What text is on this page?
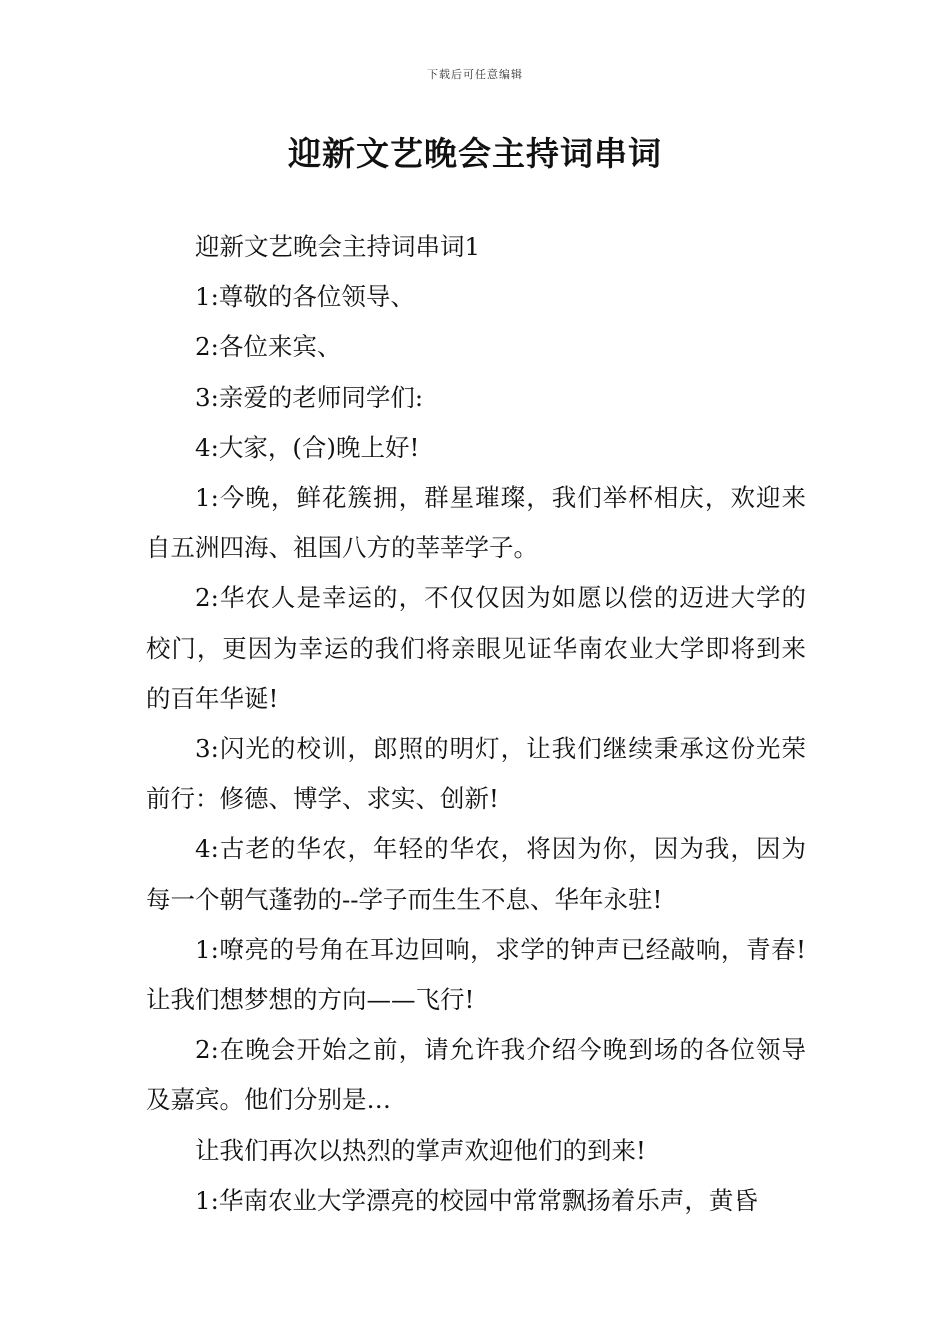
下载后可任意编辑
迎新文艺晚会主持词串词

迎新文艺晚会主持词串词1

1:尊敬的各位领导、

2:各位来宾、

3:亲爱的老师同学们:

4:大家，(合)晚上好!

1:今晚，鲜花簇拥，群星璀璨，我们举杯相庆，欢迎来自五洲四海、祖国八方的莘莘学子。

2:华农人是幸运的，不仅仅因为如愿以偿的迈进大学的校门，更因为幸运的我们将亲眼见证华南农业大学即将到来的百年华诞!

3:闪光的校训，郎照的明灯，让我们继续秉承这份光荣前行：修德、博学、求实、创新!

4:古老的华农，年轻的华农，将因为你，因为我，因为每一个朝气蓬勃的--学子而生生不息、华年永驻!

1:嘹亮的号角在耳边回响，求学的钟声已经敲响，青春!让我们想梦想的方向——飞行!

2:在晚会开始之前，请允许我介绍今晚到场的各位领导及嘉宾。他们分别是…

让我们再次以热烈的掌声欢迎他们的到来!

1:华南农业大学漂亮的校园中常常飘扬着乐声，黄昏
